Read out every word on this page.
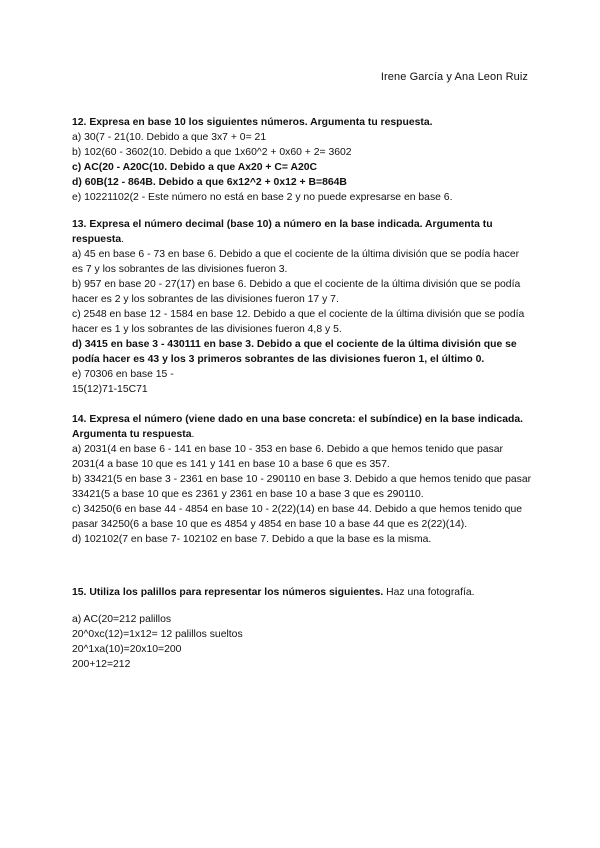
Irene García y Ana Leon Ruiz

12. Expresa en base 10 los siguientes números. Argumenta tu respuesta.

a) 30(7 - 21(10. Debido a que 3x7 + 0= 21

b) 102(60 - 3602(10. Debido a que 1x60^2 + 0x60 + 2= 3602

c) AC(20 - A20C(10. Debido a que Ax20 + C= A20C

d) 60B(12 - 864B. Debido a que 6x12^2 + 0x12 + B=864B

e) 10221102(2 - Este número no está en base 2 y no puede expresarse en base 6.

13. Expresa el número decimal (base 10) a número en la base indicada. Argumenta tu respuesta.

a) 45 en base 6 - 73 en base 6. Debido a que el cociente de la última división que se podía hacer es 7 y los sobrantes de las divisiones fueron 3.

b) 957 en base 20 - 27(17) en base 6. Debido a que el cociente de la última división que se podía hacer es 2 y los sobrantes de las divisiones fueron 17 y 7.

c) 2548 en base 12 - 1584 en base 12. Debido a que el cociente de la última división que se podía hacer es 1 y los sobrantes de las divisiones fueron 4,8 y 5.

d) 3415 en base 3 - 430111 en base 3. Debido a que el cociente de la última división que se podía hacer es 43 y los 3 primeros sobrantes de las divisiones fueron 1, el último 0.

e) 70306 en base 15 -

15(12)71-15C71

14. Expresa el número (viene dado en una base concreta: el subíndice) en la base indicada. Argumenta tu respuesta.

a) 2031(4 en base 6 - 141 en base 10 - 353 en base 6. Debido a que hemos tenido que pasar 2031(4 a base 10 que es 141 y 141 en base 10 a base 6 que es 357.

b) 33421(5 en base 3 - 2361 en base 10 - 290110 en base 3. Debido a que hemos tenido que pasar 33421(5 a base 10 que es 2361 y 2361 en base 10 a base 3 que es 290110.

c) 34250(6 en base 44 - 4854 en base 10 - 2(22)(14) en base 44. Debido a que hemos tenido que pasar 34250(6 a base 10 que es 4854 y 4854 en base 10 a base 44 que es 2(22)(14).

d) 102102(7 en base 7- 102102 en base 7. Debido a que la base es la misma.

15. Utiliza los palillos para representar los números siguientes. Haz una fotografía.

a) AC(20=212 palillos

20^0xc(12)=1x12= 12 palillos sueltos

20^1xa(10)=20x10=200

200+12=212
